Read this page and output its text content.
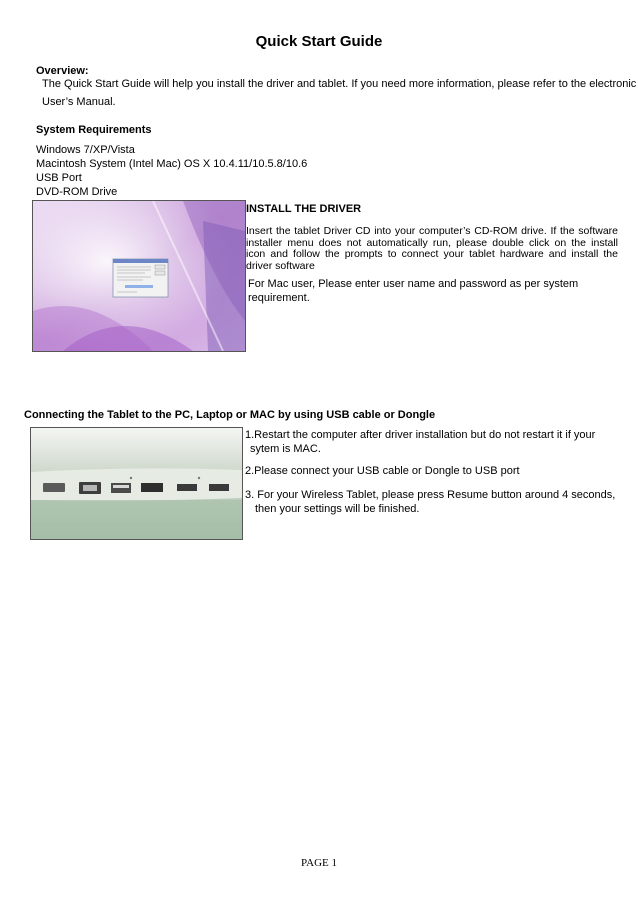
Quick Start Guide
Overview:
The Quick Start Guide will help you install the driver and tablet. If you need more information, please refer to the electronic
User’s Manual.
System Requirements
Windows 7/XP/Vista
Macintosh System (Intel Mac) OS X 10.4.11/10.5.8/10.6
USB Port
DVD-ROM Drive
INSTALL THE DRIVER
Insert the tablet Driver CD into your computer’s CD-ROM drive. If the software
installer menu does not automatically run, please double click on the install
icon and follow the prompts to connect your tablet hardware and install the
driver software
For Mac user, Please enter user name and password as per system
requirement.
Connecting the Tablet to the PC, Laptop or MAC by using USB cable or Dongle
1.Restart the computer after driver installation but do not restart it if your
sytem is MAC.
2.Please connect your USB cable or Dongle to USB port
3. For your Wireless Tablet, please press Resume button around 4 seconds,
then your settings will be finished.
PAGE 1
